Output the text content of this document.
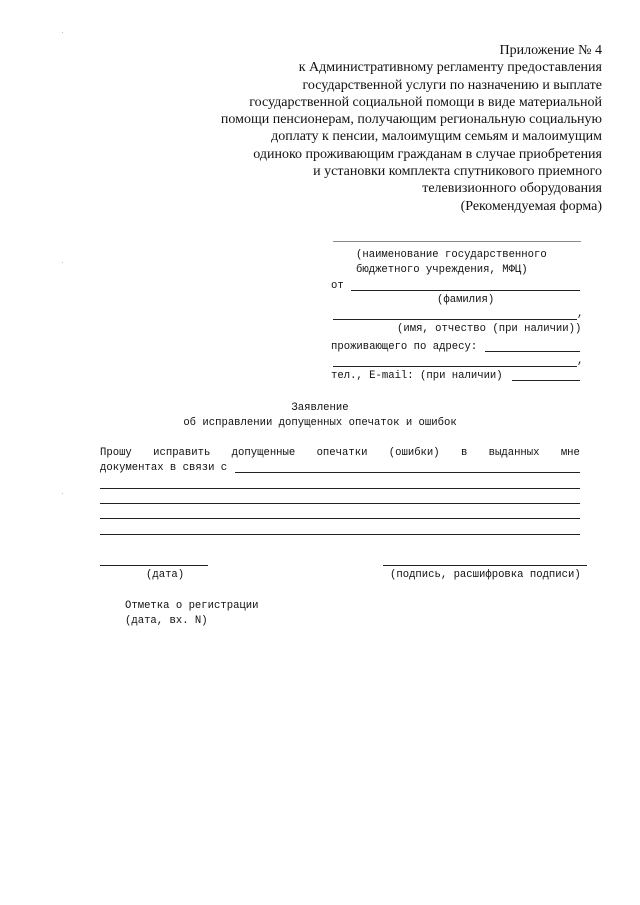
Приложение № 4
к Административному регламенту предоставления
государственной услуги по назначению и выплате
государственной социальной помощи в виде материальной
помощи пенсионерам, получающим региональную социальную
доплату к пенсии, малоимущим семьям и малоимущим
одиноко проживающим гражданам в случае приобретения
и установки комплекта спутникового приемного
телевизионного оборудования
(Рекомендуемая форма)
(наименование государственного
бюджетного учреждения, МФЦ)
от
(фамилия)
,
(имя, отчество (при наличии))
проживающего по адресу:
,
тел., E-mail: (при наличии)
Заявление
об исправлении допущенных опечаток и ошибок
Прошу исправить допущенные опечатки (ошибки) в выданных мне
документах в связи с
(дата)	(подпись, расшифровка подписи)
Отметка о регистрации
(дата, вх. N)
